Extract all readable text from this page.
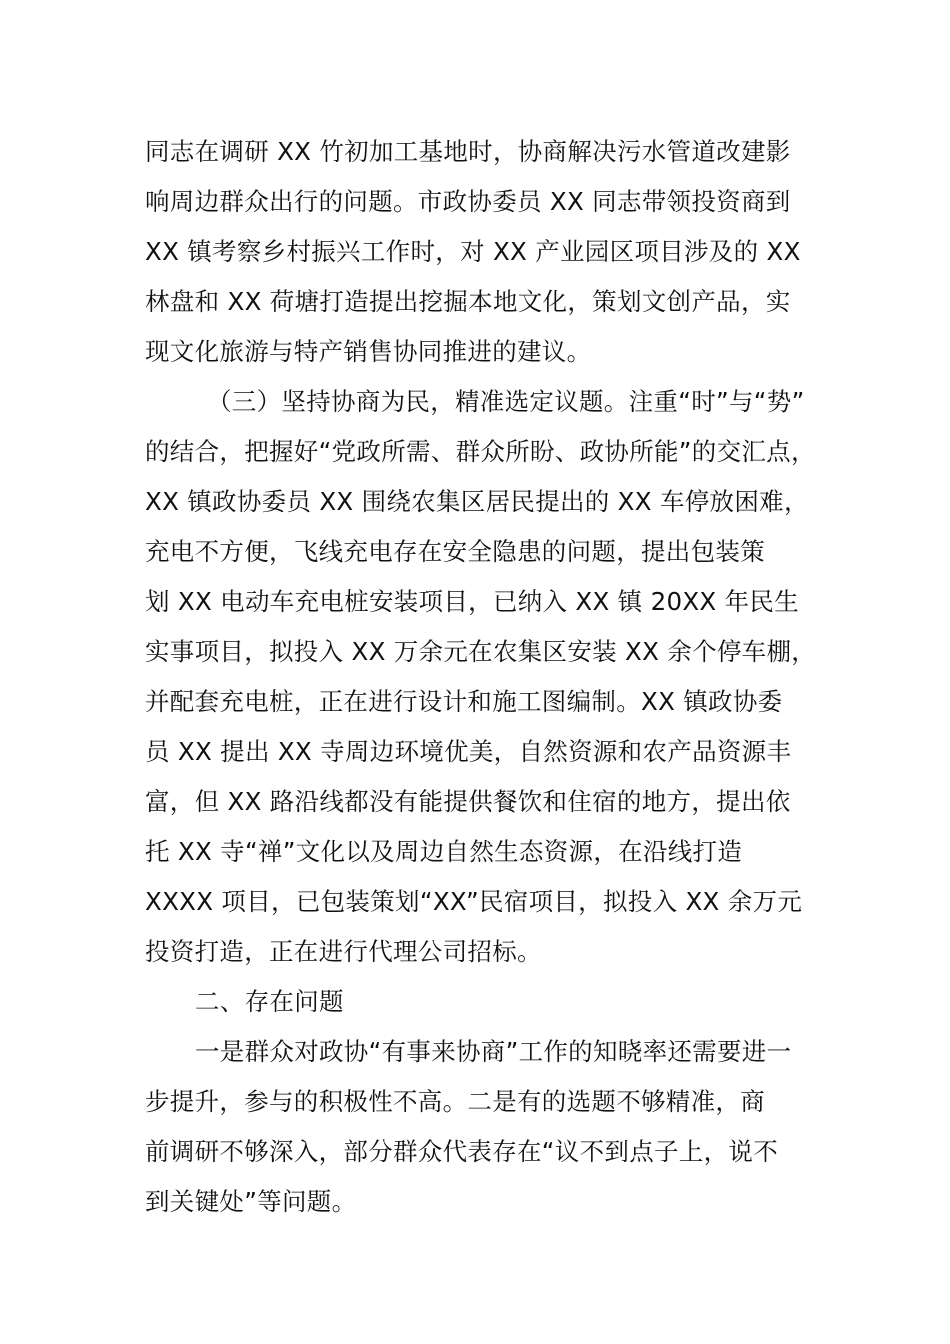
同志在调研 XX 竹初加工基地时，协商解决污水管道改建影
响周边群众出行的问题。市政协委员 XX 同志带领投资商到
XX 镇考察乡村振兴工作时，对 XX 产业园区项目涉及的 XX
林盘和 XX 荷塘打造提出挖掘本地文化，策划文创产品，实
现文化旅游与特产销售协同推进的建议。
（三）坚持协商为民，精准选定议题。注重“时”与“势”
的结合，把握好“党政所需、群众所盼、政协所能”的交汇点，
XX 镇政协委员 XX 围绕农集区居民提出的 XX 车停放困难，
充电不方便，飞线充电存在安全隐患的问题，提出包装策
划 XX 电动车充电桩安装项目，已纳入 XX 镇 20XX 年民生
实事项目，拟投入 XX 万余元在农集区安装 XX 余个停车棚，
并配套充电桩，正在进行设计和施工图编制。XX 镇政协委
员 XX 提出 XX 寺周边环境优美，自然资源和农产品资源丰
富，但 XX 路沿线都没有能提供餐饮和住宿的地方，提出依
托 XX 寺“禅”文化以及周边自然生态资源，在沿线打造
XXXX 项目，已包装策划“XX”民宿项目，拟投入 XX 余万元
投资打造，正在进行代理公司招标。
二、存在问题
一是群众对政协“有事来协商”工作的知晓率还需要进一
步提升，参与的积极性不高。二是有的选题不够精准，商
前调研不够深入，部分群众代表存在“议不到点子上，说不
到关键处”等问题。
